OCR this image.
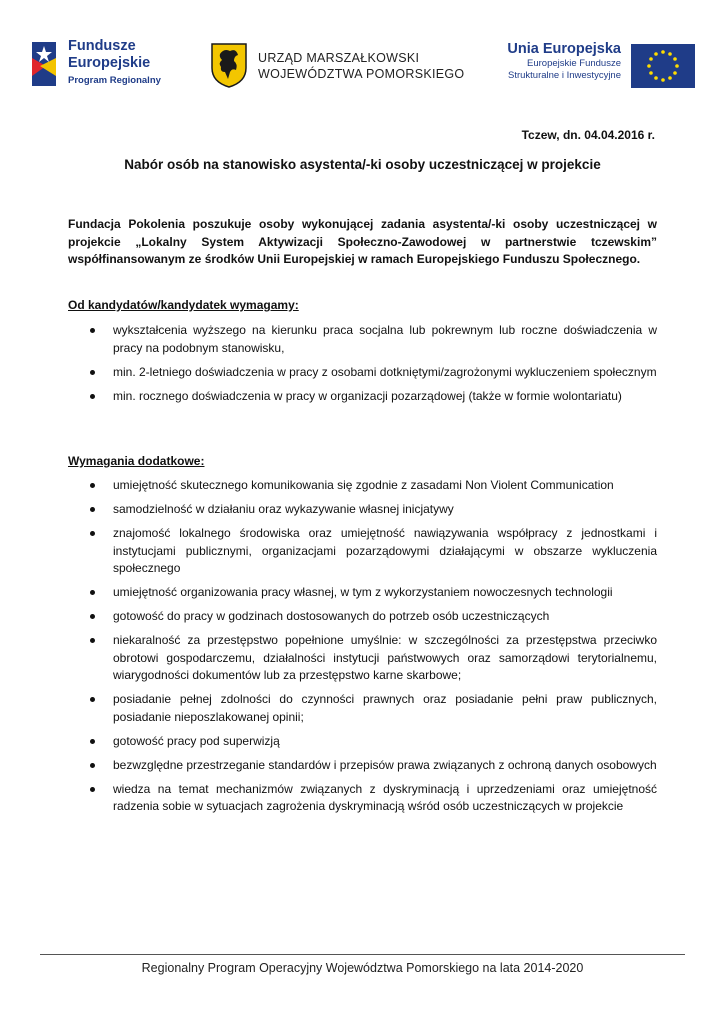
Fundusze
Europejskie
Program Regionalny
URZĄD MARSZAŁKOWSKI
WOJEWÓDZTWA POMORSKIEGO
Unia Europejska
Europejskie Fundusze
Strukturalne i Inwestycyjne
Tczew, dn. 04.04.2016 r.
Nabór osób na stanowisko asystenta/-ki osoby uczestniczącej w projekcie
Fundacja Pokolenia poszukuje osoby wykonującej zadania asystenta/-ki osoby uczestniczącej w projekcie „Lokalny System Aktywizacji Społeczno-Zawodowej w partnerstwie tczewskim” współfinansowanym ze środków Unii Europejskiej w ramach Europejskiego Funduszu Społecznego.
Od kandydatów/kandydatek wymagamy:
wykształcenia wyższego na kierunku praca socjalna lub pokrewnym lub roczne doświadczenia w pracy na podobnym stanowisku,
min. 2-letniego doświadczenia w pracy z osobami dotkniętymi/zagrożonymi wykluczeniem społecznym
min. rocznego doświadczenia w pracy w organizacji pozarządowej (także w formie wolontariatu)
Wymagania dodatkowe:
umiejętność skutecznego komunikowania się zgodnie z zasadami Non Violent Communication
samodzielność w działaniu oraz wykazywanie własnej inicjatywy
znajomość lokalnego środowiska oraz umiejętność nawiązywania współpracy z jednostkami i instytucjami publicznymi, organizacjami pozarządowymi działającymi w obszarze wykluczenia społecznego
umiejętność organizowania pracy własnej, w tym z wykorzystaniem nowoczesnych technologii
gotowość do pracy w godzinach dostosowanych do potrzeb osób uczestniczących
niekaralność za przestępstwo popełnione umyślnie: w szczególności za przestępstwa przeciwko obrotowi gospodarczemu, działalności instytucji państwowych oraz samorządowi terytorialnemu, wiarygodności dokumentów lub za przestępstwo karne skarbowe;
posiadanie pełnej zdolności do czynności prawnych oraz posiadanie pełni praw publicznych, posiadanie nieposzlakowanej opinii;
gotowość pracy pod superwizją
bezwzględne przestrzeganie standardów i przepisów prawa związanych z ochroną danych osobowych
wiedza na temat mechanizmów związanych z dyskryminacją i uprzedzeniami oraz umiejętność radzenia sobie w sytuacjach zagrożenia dyskryminacją wśród osób uczestniczących w projekcie
Regionalny Program Operacyjny Województwa Pomorskiego na lata 2014-2020
